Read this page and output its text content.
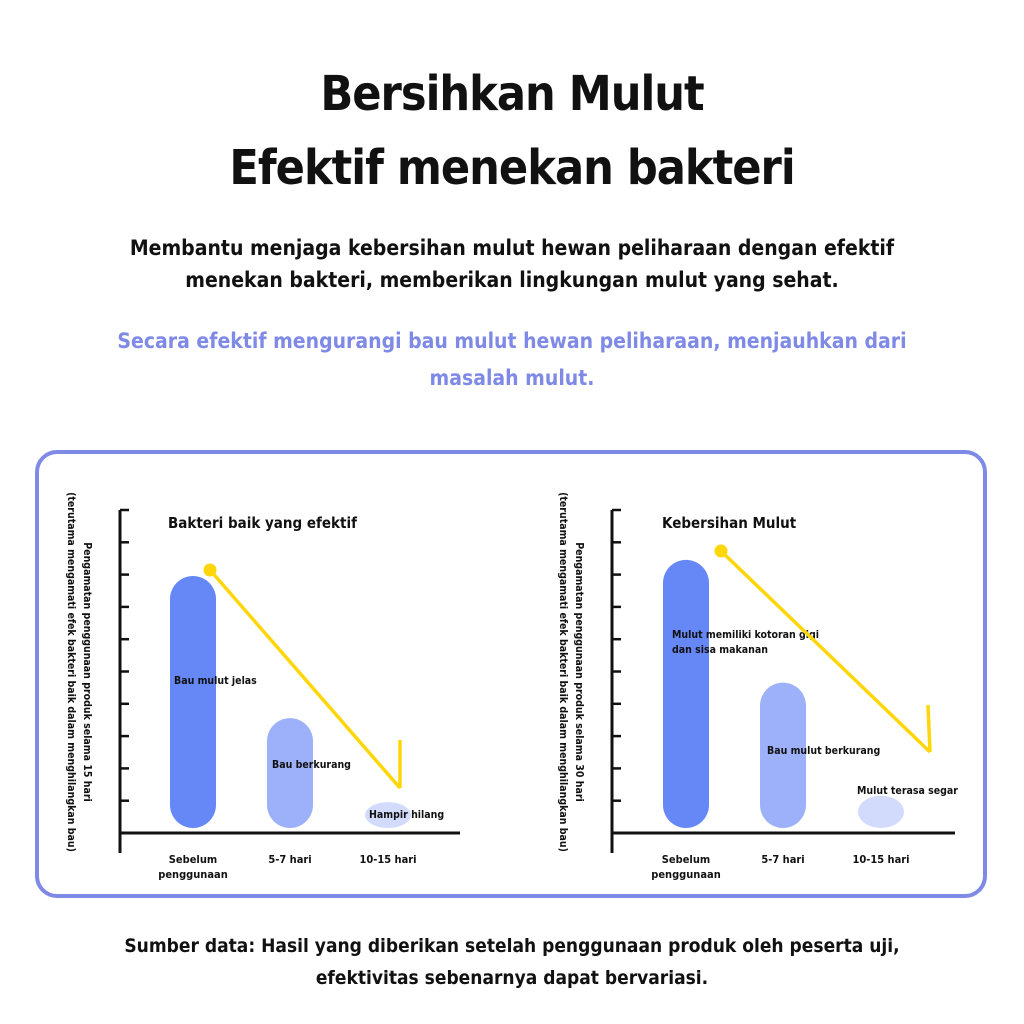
Bersihkan Mulut
Efektif menekan bakteri
Membantu menjaga kebersihan mulut hewan peliharaan dengan efektif
menekan bakteri, memberikan lingkungan mulut yang sehat.
Secara efektif mengurangi bau mulut hewan peliharaan, menjauhkan dari
masalah mulut.
Bakteri baik yang efektif
Pengamatan penggunaan produk selama 15 hari
(terutama mengamati efek bakteri baik dalam menghilangkan bau)	Bau mulut jelas
Bau berkurang
Hampir hilang
Sebelum
penggunaan
5-7 hari	10-15 hari
Kebersihan Mulut
Pengamatan penggunaan produk selama 30 hari
(terutama mengamati efek bakteri baik dalam menghilangkan bau)	Mulut memiliki kotoran gigi dan sisa makanan
Bau mulut berkurang
Mulut terasa segar
Sebelum
penggunaan
5-7 hari	10-15 hari
Sumber data: Hasil yang diberikan setelah penggunaan produk oleh peserta uji,
efektivitas sebenarnya dapat bervariasi.
